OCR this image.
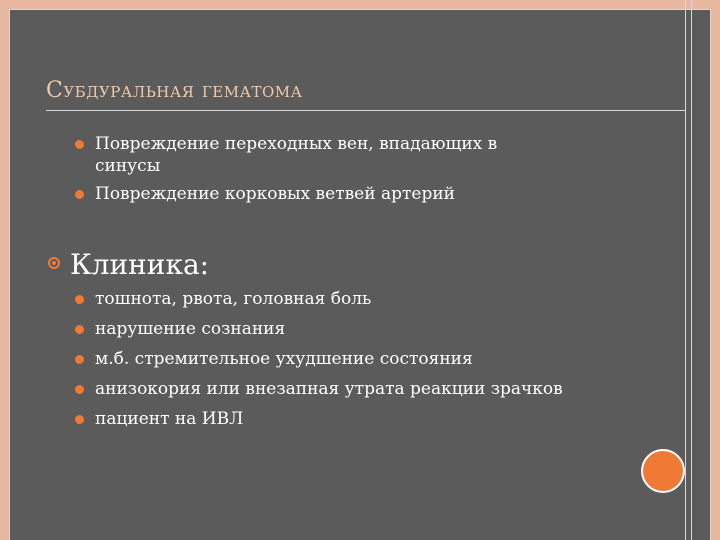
Субдуральная гематома
Повреждение переходных вен, впадающих в синусы
Повреждение корковых ветвей артерий
Клиника:
тошнота, рвота, головная боль
нарушение сознания
м.б. стремительное ухудшение состояния
анизокория или внезапная утрата реакции зрачков
пациент на ИВЛ
